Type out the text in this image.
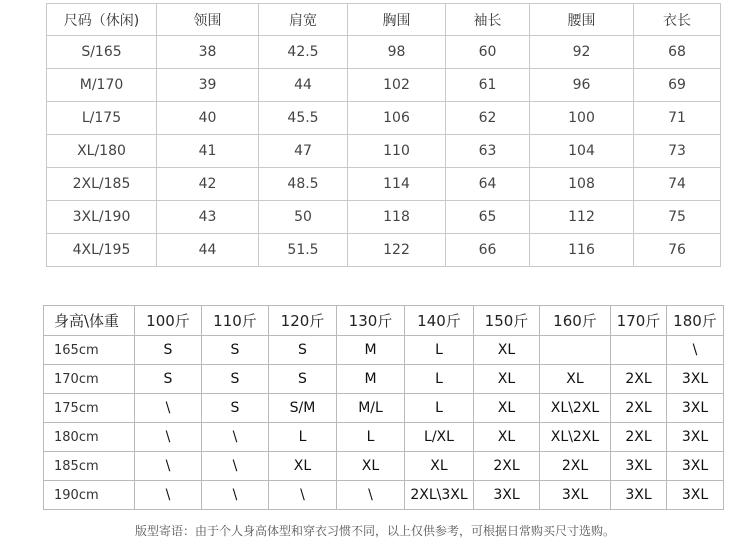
尺码（休闲)	领围	肩宽	胸围	袖长	腰围	衣长
S/165	38	42.5	98	60	92	68
M/170	39	44	102	61	96	69
L/175	40	45.5	106	62	100	71
XL/180	41	47	110	63	104	73
2XL/185	42	48.5	114	64	108	74
3XL/190	43	50	118	65	112	75
4XL/195	44	51.5	122	66	116	76
身高\体重	100斤	110斤	120斤	130斤	140斤	150斤	160斤	170斤	180斤
165cm	S	S	S	M	L	XL			\
170cm	S	S	S	M	L	XL	XL	2XL	3XL
175cm	\	S	S/M	M/L	L	XL	XL\2XL	2XL	3XL
180cm	\	\	L	L	L/XL	XL	XL\2XL	2XL	3XL
185cm	\	\	XL	XL	XL	2XL	2XL	3XL	3XL
190cm	\	\	\	\	2XL\3XL	3XL	3XL	3XL	3XL
版型寄语：由于个人身高体型和穿衣习惯不同，以上仅供参考，可根据日常购买尺寸选购。
